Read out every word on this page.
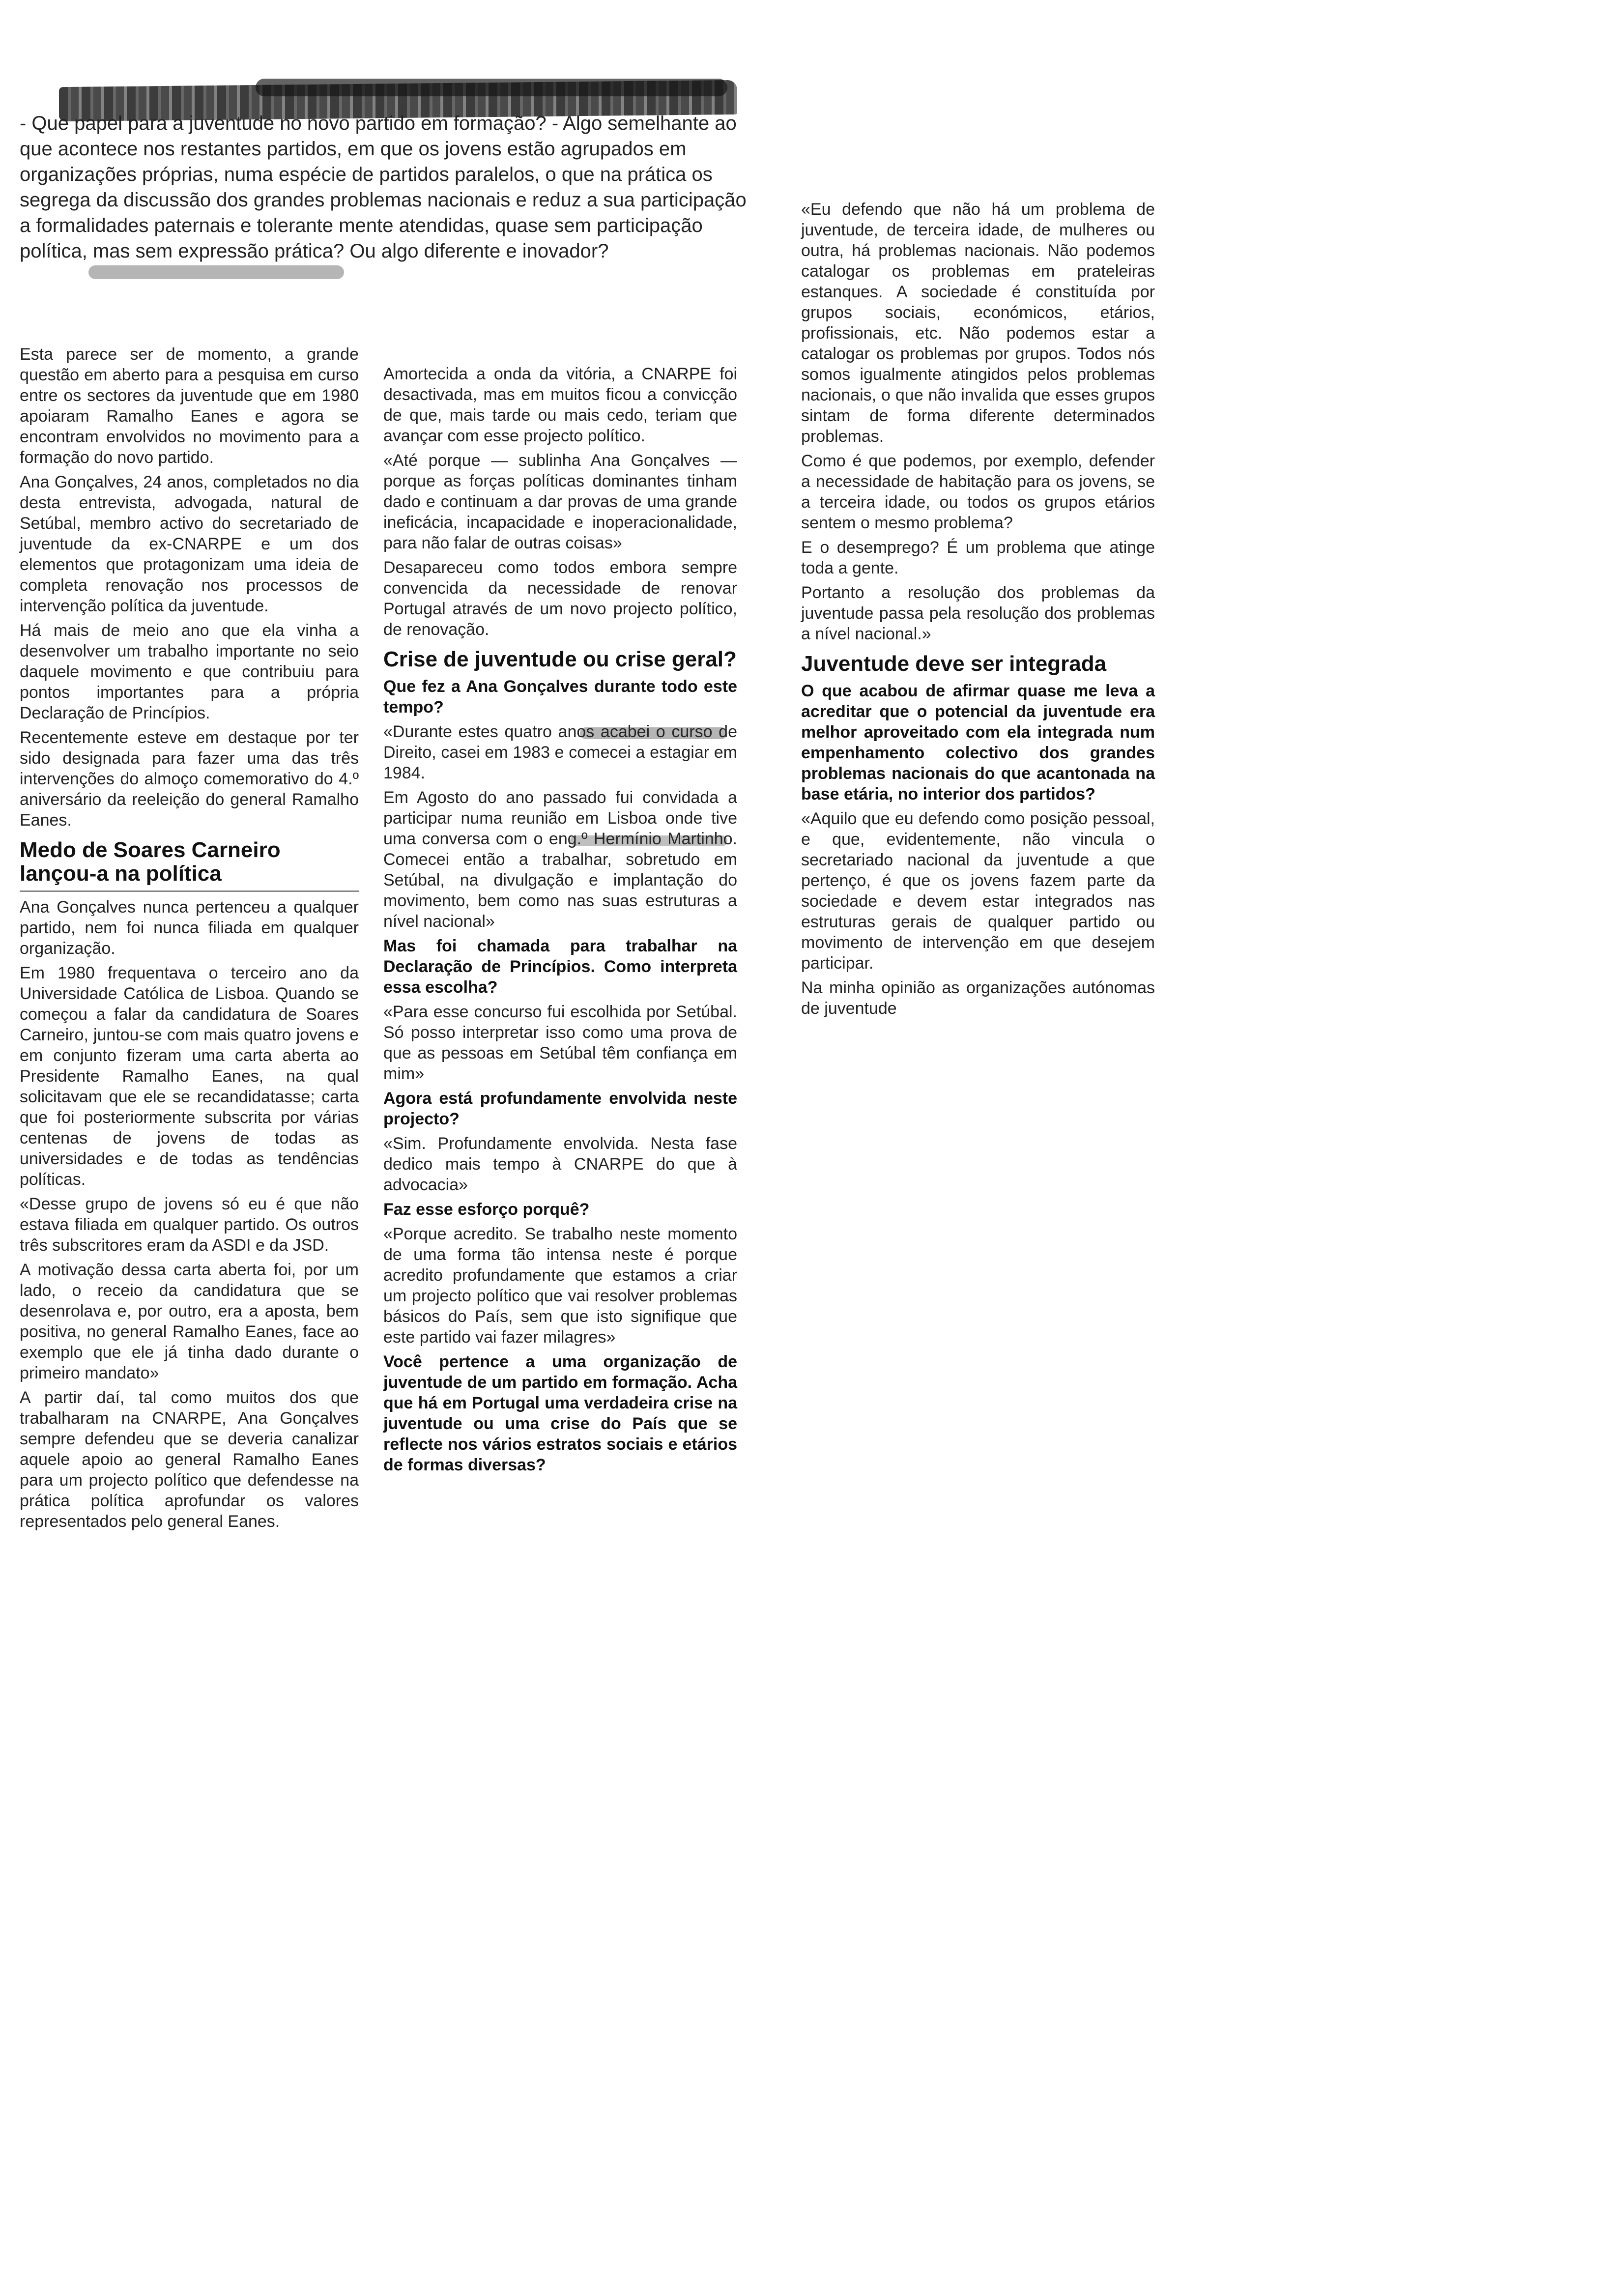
- Que papel para a juventude no novo partido em formação? - Algo semelhante ao que acontece nos restantes partidos, em que os jovens estão agrupados em organizações próprias, numa espécie de partidos paralelos, o que na prática os segrega da discussão dos grandes problemas nacionais e reduz a sua participação a formalidades paternais e tolerante mente atendidas, quase sem participação política, mas sem expressão prática? Ou algo diferente e inovador?

Esta parece ser de momento, a grande questão em aberto para a pesquisa em curso entre os sectores da juventude que em 1980 apoiaram Ramalho Eanes e agora se encontram envolvidos no movimento para a formação do novo partido.

Ana Gonçalves, 24 anos, completados no dia desta entrevista, advogada, natural de Setúbal, membro activo do secretariado de juventude da ex-CNARPE e um dos elementos que protagonizam uma ideia de completa renovação nos processos de intervenção política da juventude.

Há mais de meio ano que ela vinha a desenvolver um trabalho importante no seio daquele movimento e que contribuiu para pontos importantes para a própria Declaração de Princípios.

Recentemente esteve em destaque por ter sido designada para fazer uma das três intervenções do almoço comemorativo do 4.º aniversário da reeleição do general Ramalho Eanes.

Medo de Soares Carneiro lançou-a na política

Ana Gonçalves nunca pertenceu a qualquer partido, nem foi nunca filiada em qualquer organização.

Em 1980 frequentava o terceiro ano da Universidade Católica de Lisboa. Quando se começou a falar da candidatura de Soares Carneiro, juntou-se com mais quatro jovens e em conjunto fizeram uma carta aberta ao Presidente Ramalho Eanes, na qual solicitavam que ele se recandidatasse; carta que foi posteriormente subscrita por várias centenas de jovens de todas as universidades e de todas as tendências políticas.

«Desse grupo de jovens só eu é que não estava filiada em qualquer partido. Os outros três subscritores eram da ASDI e da JSD.

A motivação dessa carta aberta foi, por um lado, o receio da candidatura que se desenrolava e, por outro, era a aposta, bem positiva, no general Ramalho Eanes, face ao exemplo que ele já tinha dado durante o primeiro mandato»

A partir daí, tal como muitos dos que trabalharam na CNARPE, Ana Gonçalves sempre defendeu que se deveria canalizar aquele apoio ao general Ramalho Eanes para um projecto político que defendesse na prática política aprofundar os valores representados pelo general Eanes.

Amortecida a onda da vitória, a CNARPE foi desactivada, mas em muitos ficou a convicção de que, mais tarde ou mais cedo, teriam que avançar com esse projecto político.

«Até porque — sublinha Ana Gonçalves — porque as forças políticas dominantes tinham dado e continuam a dar provas de uma grande ineficácia, incapacidade e inoperacionalidade, para não falar de outras coisas»

Desapareceu como todos embora sempre convencida da necessidade de renovar Portugal através de um novo projecto político, de renovação.

Crise de juventude ou crise geral?

Que fez a Ana Gonçalves durante todo este tempo?

«Durante estes quatro anos acabei o curso de Direito, casei em 1983 e comecei a estagiar em 1984.

Em Agosto do ano passado fui convidada a participar numa reunião em Lisboa onde tive uma conversa com o eng.º Hermínio Martinho. Comecei então a trabalhar, sobretudo em Setúbal, na divulgação e implantação do movimento, bem como nas suas estruturas a nível nacional»

Mas foi chamada para trabalhar na Declaração de Princípios. Como interpreta essa escolha?

«Para esse concurso fui escolhida por Setúbal. Só posso interpretar isso como uma prova de que as pessoas em Setúbal têm confiança em mim»

Agora está profundamente envolvida neste projecto?

«Sim. Profundamente envolvida. Nesta fase dedico mais tempo à CNARPE do que à advocacia»

Faz esse esforço porquê?

«Porque acredito. Se trabalho neste momento de uma forma tão intensa neste é porque acredito profundamente que estamos a criar um projecto político que vai resolver problemas básicos do País, sem que isto signifique que este partido vai fazer milagres»

Você pertence a uma organização de juventude de um partido em formação. Acha que há em Portugal uma verdadeira crise na juventude ou uma crise do País que se reflecte nos vários estratos sociais e etários de formas diversas?

«Eu defendo que não há um problema de juventude, de terceira idade, de mulheres ou outra, há problemas nacionais. Não podemos catalogar os problemas em prateleiras estanques. A sociedade é constituída por grupos sociais, económicos, etários, profissionais, etc. Não podemos estar a catalogar os problemas por grupos. Todos nós somos igualmente atingidos pelos problemas nacionais, o que não invalida que esses grupos sintam de forma diferente determinados problemas.

Como é que podemos, por exemplo, defender a necessidade de habitação para os jovens, se a terceira idade, ou todos os grupos etários sentem o mesmo problema?

E o desemprego? É um problema que atinge toda a gente.

Portanto a resolução dos problemas da juventude passa pela resolução dos problemas a nível nacional.»

Juventude deve ser integrada

O que acabou de afirmar quase me leva a acreditar que o potencial da juventude era melhor aproveitado com ela integrada num empenhamento colectivo dos grandes problemas nacionais do que acantonada na base etária, no interior dos partidos?

«Aquilo que eu defendo como posição pessoal, e que, evidentemente, não vincula o secretariado nacional da juventude a que pertenço, é que os jovens fazem parte da sociedade e devem estar integrados nas estruturas gerais de qualquer partido ou movimento de intervenção em que desejem participar.

Na minha opinião as organizações autónomas de juventude
